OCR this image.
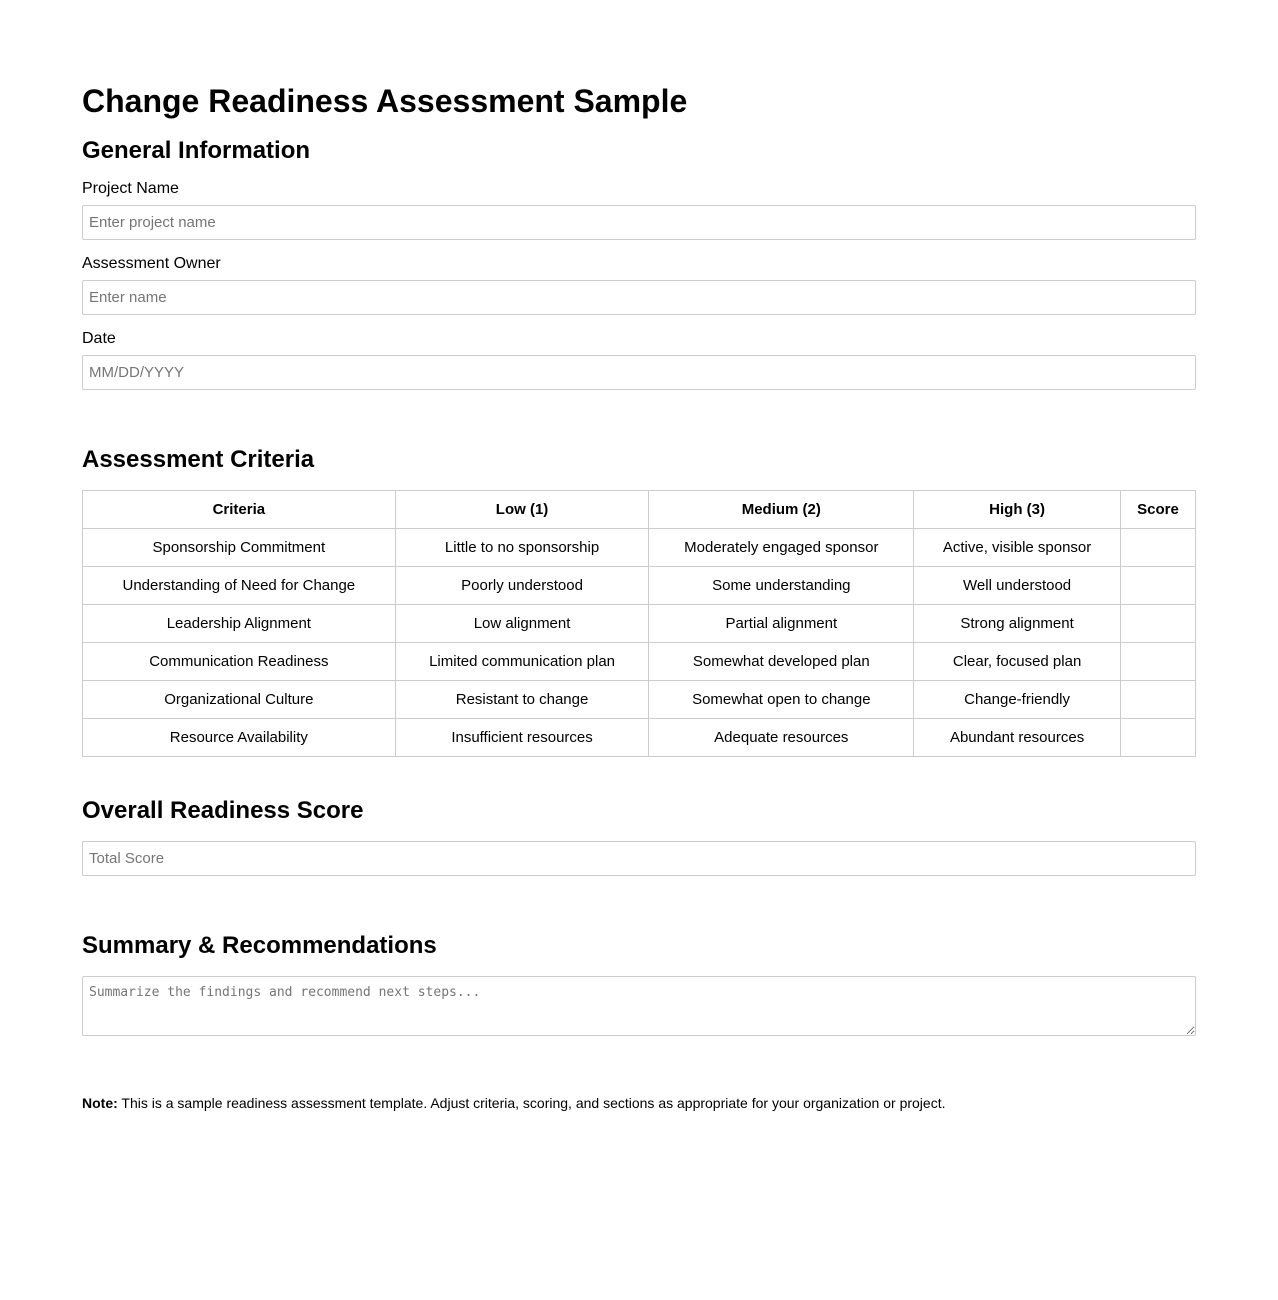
Change Readiness Assessment Sample
General Information
Project Name
Enter project name
Assessment Owner
Enter name
Date
MM/DD/YYYY
Assessment Criteria
Criteria	Low (1)	Medium (2)	High (3)	Score
Sponsorship Commitment	Little to no sponsorship	Moderately engaged sponsor	Active, visible sponsor	
Understanding of Need for Change	Poorly understood	Some understanding	Well understood	
Leadership Alignment	Low alignment	Partial alignment	Strong alignment	
Communication Readiness	Limited communication plan	Somewhat developed plan	Clear, focused plan	
Organizational Culture	Resistant to change	Somewhat open to change	Change-friendly	
Resource Availability	Insufficient resources	Adequate resources	Abundant resources	
Overall Readiness Score
Total Score
Summary & Recommendations
Summarize the findings and recommend next steps...
Note: This is a sample readiness assessment template. Adjust criteria, scoring, and sections as appropriate for your organization or project.
